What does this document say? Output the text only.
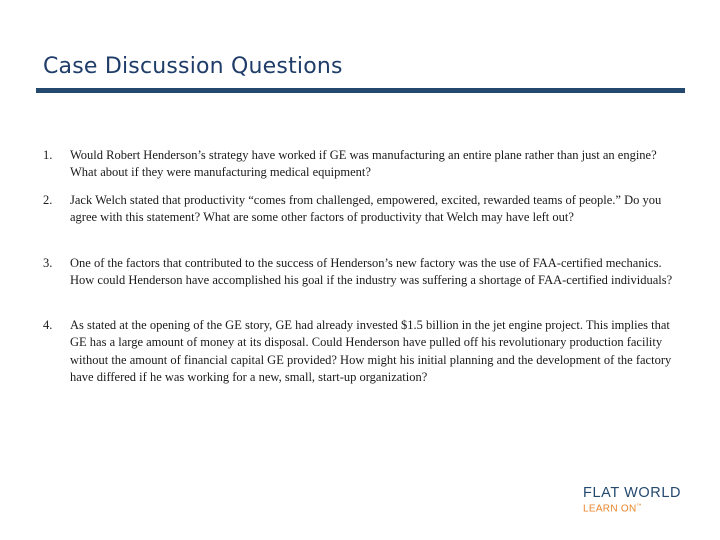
Case Discussion Questions
1. Would Robert Henderson’s strategy have worked if GE was manufacturing an entire plane rather than just an engine? What about if they were manufacturing medical equipment?
2. Jack Welch stated that productivity “comes from challenged, empowered, excited, rewarded teams of people.” Do you agree with this statement? What are some other factors of productivity that Welch may have left out?
3. One of the factors that contributed to the success of Henderson’s new factory was the use of FAA-certified mechanics. How could Henderson have accomplished his goal if the industry was suffering a shortage of FAA-certified individuals?
4. As stated at the opening of the GE story, GE had already invested $1.5 billion in the jet engine project. This implies that GE has a large amount of money at its disposal. Could Henderson have pulled off his revolutionary production facility without the amount of financial capital GE provided? How might his initial planning and the development of the factory have differed if he was working for a new, small, start-up organization?
FLAT WORLD
LEARN ON™
